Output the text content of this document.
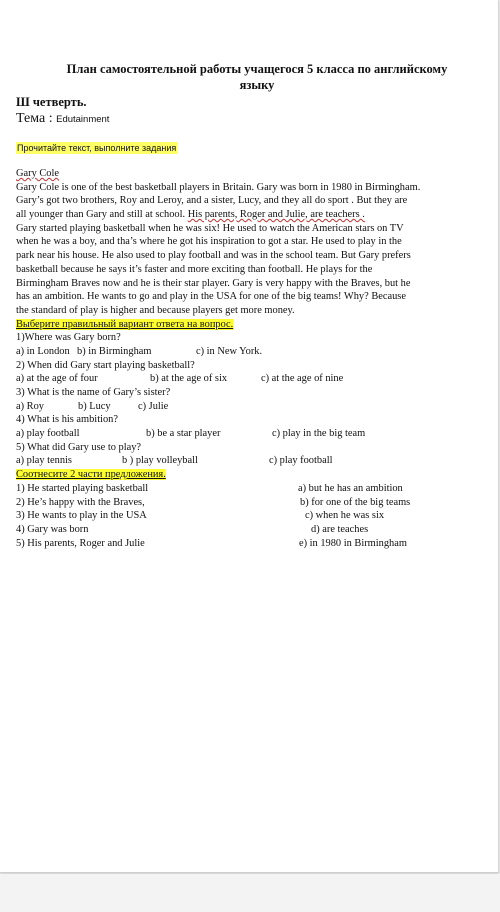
План самостоятельной работы учащегося 5 класса по английскому
языку
Ш четверть.
Тема : Edutainment
Прочитайте текст, выполните задания
Gary Cole
Gary Cole is one of the best basketball players in Britain. Gary was born in 1980 in Birmingham.
Gary’s got two brothers, Roy and Leroy, and a sister, Lucy, and they all do sport . But they are
all younger than Gary and still at school. His parents, Roger and Julie, are teachers .
Gary started playing basketball when he was six! He used to watch the American stars on TV
when he was a boy, and tha’s where he got his inspiration to got a star. He used to play in the
park near his house. He also used to play football and was in the school team. But Gary prefers
basketball because he says it’s faster and more exciting than football. He plays for the
Birmingham Braves now and he is their star player. Gary is very happy with the Braves, but he
has an ambition. He wants to go and play in the USA for one of the big teams! Why? Because
the standard of play is higher and because players get more money.
Выберите правильный вариант ответа на вопрос.
1)Where was Gary born?
a) in London b) in Birmingham	c) in New York.
2) When did Gary start playing basketball?
a) at the age of four	b) at the age of six	c) at the age of nine
3) What is the name of Gary’s sister?
a) Roy	b) Lucy	c) Julie
4) What is his ambition?
a) play football	b) be a star player	c) play in the big team
5) What did Gary use to play?
a) play tennis	b ) play volleyball	c) play football
Соотнесите 2 части предложения.
1) He started playing basketball	a) but he has an ambition
2) He’s happy with the Braves,	b) for one of the big teams
3) He wants to play in the USA	c) when he was six
4) Gary was born	d) are teaches
5) His parents, Roger and Julie	e) in 1980 in Birmingham
